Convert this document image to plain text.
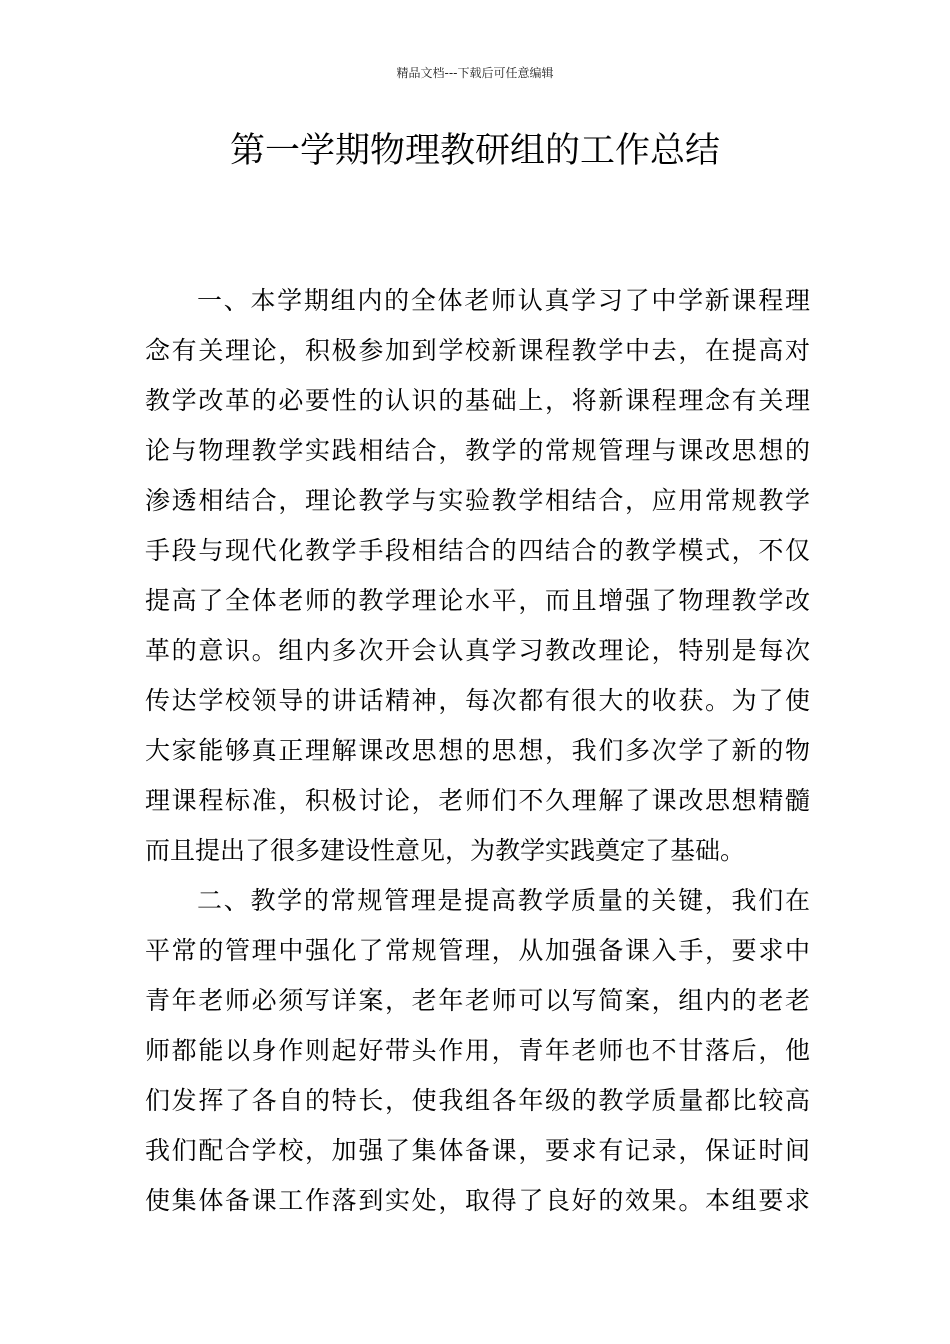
精品文档---下载后可任意编辑
第一学期物理教研组的工作总结
一、本学期组内的全体老师认真学习了中学新课程理
念有关理论，积极参加到学校新课程教学中去，在提高对
教学改革的必要性的认识的基础上，将新课程理念有关理
论与物理教学实践相结合，教学的常规管理与课改思想的
渗透相结合，理论教学与实验教学相结合，应用常规教学
手段与现代化教学手段相结合的四结合的教学模式，不仅
提高了全体老师的教学理论水平，而且增强了物理教学改
革的意识。组内多次开会认真学习教改理论，特别是每次
传达学校领导的讲话精神，每次都有很大的收获。为了使
大家能够真正理解课改思想的思想，我们多次学了新的物
理课程标准，积极讨论，老师们不久理解了课改思想精髓
而且提出了很多建设性意见，为教学实践奠定了基础。
二、教学的常规管理是提高教学质量的关键，我们在
平常的管理中强化了常规管理，从加强备课入手，要求中
青年老师必须写详案，老年老师可以写简案，组内的老老
师都能以身作则起好带头作用，青年老师也不甘落后，他
们发挥了各自的特长，使我组各年级的教学质量都比较高
我们配合学校，加强了集体备课，要求有记录，保证时间
使集体备课工作落到实处，取得了良好的效果。本组要求
